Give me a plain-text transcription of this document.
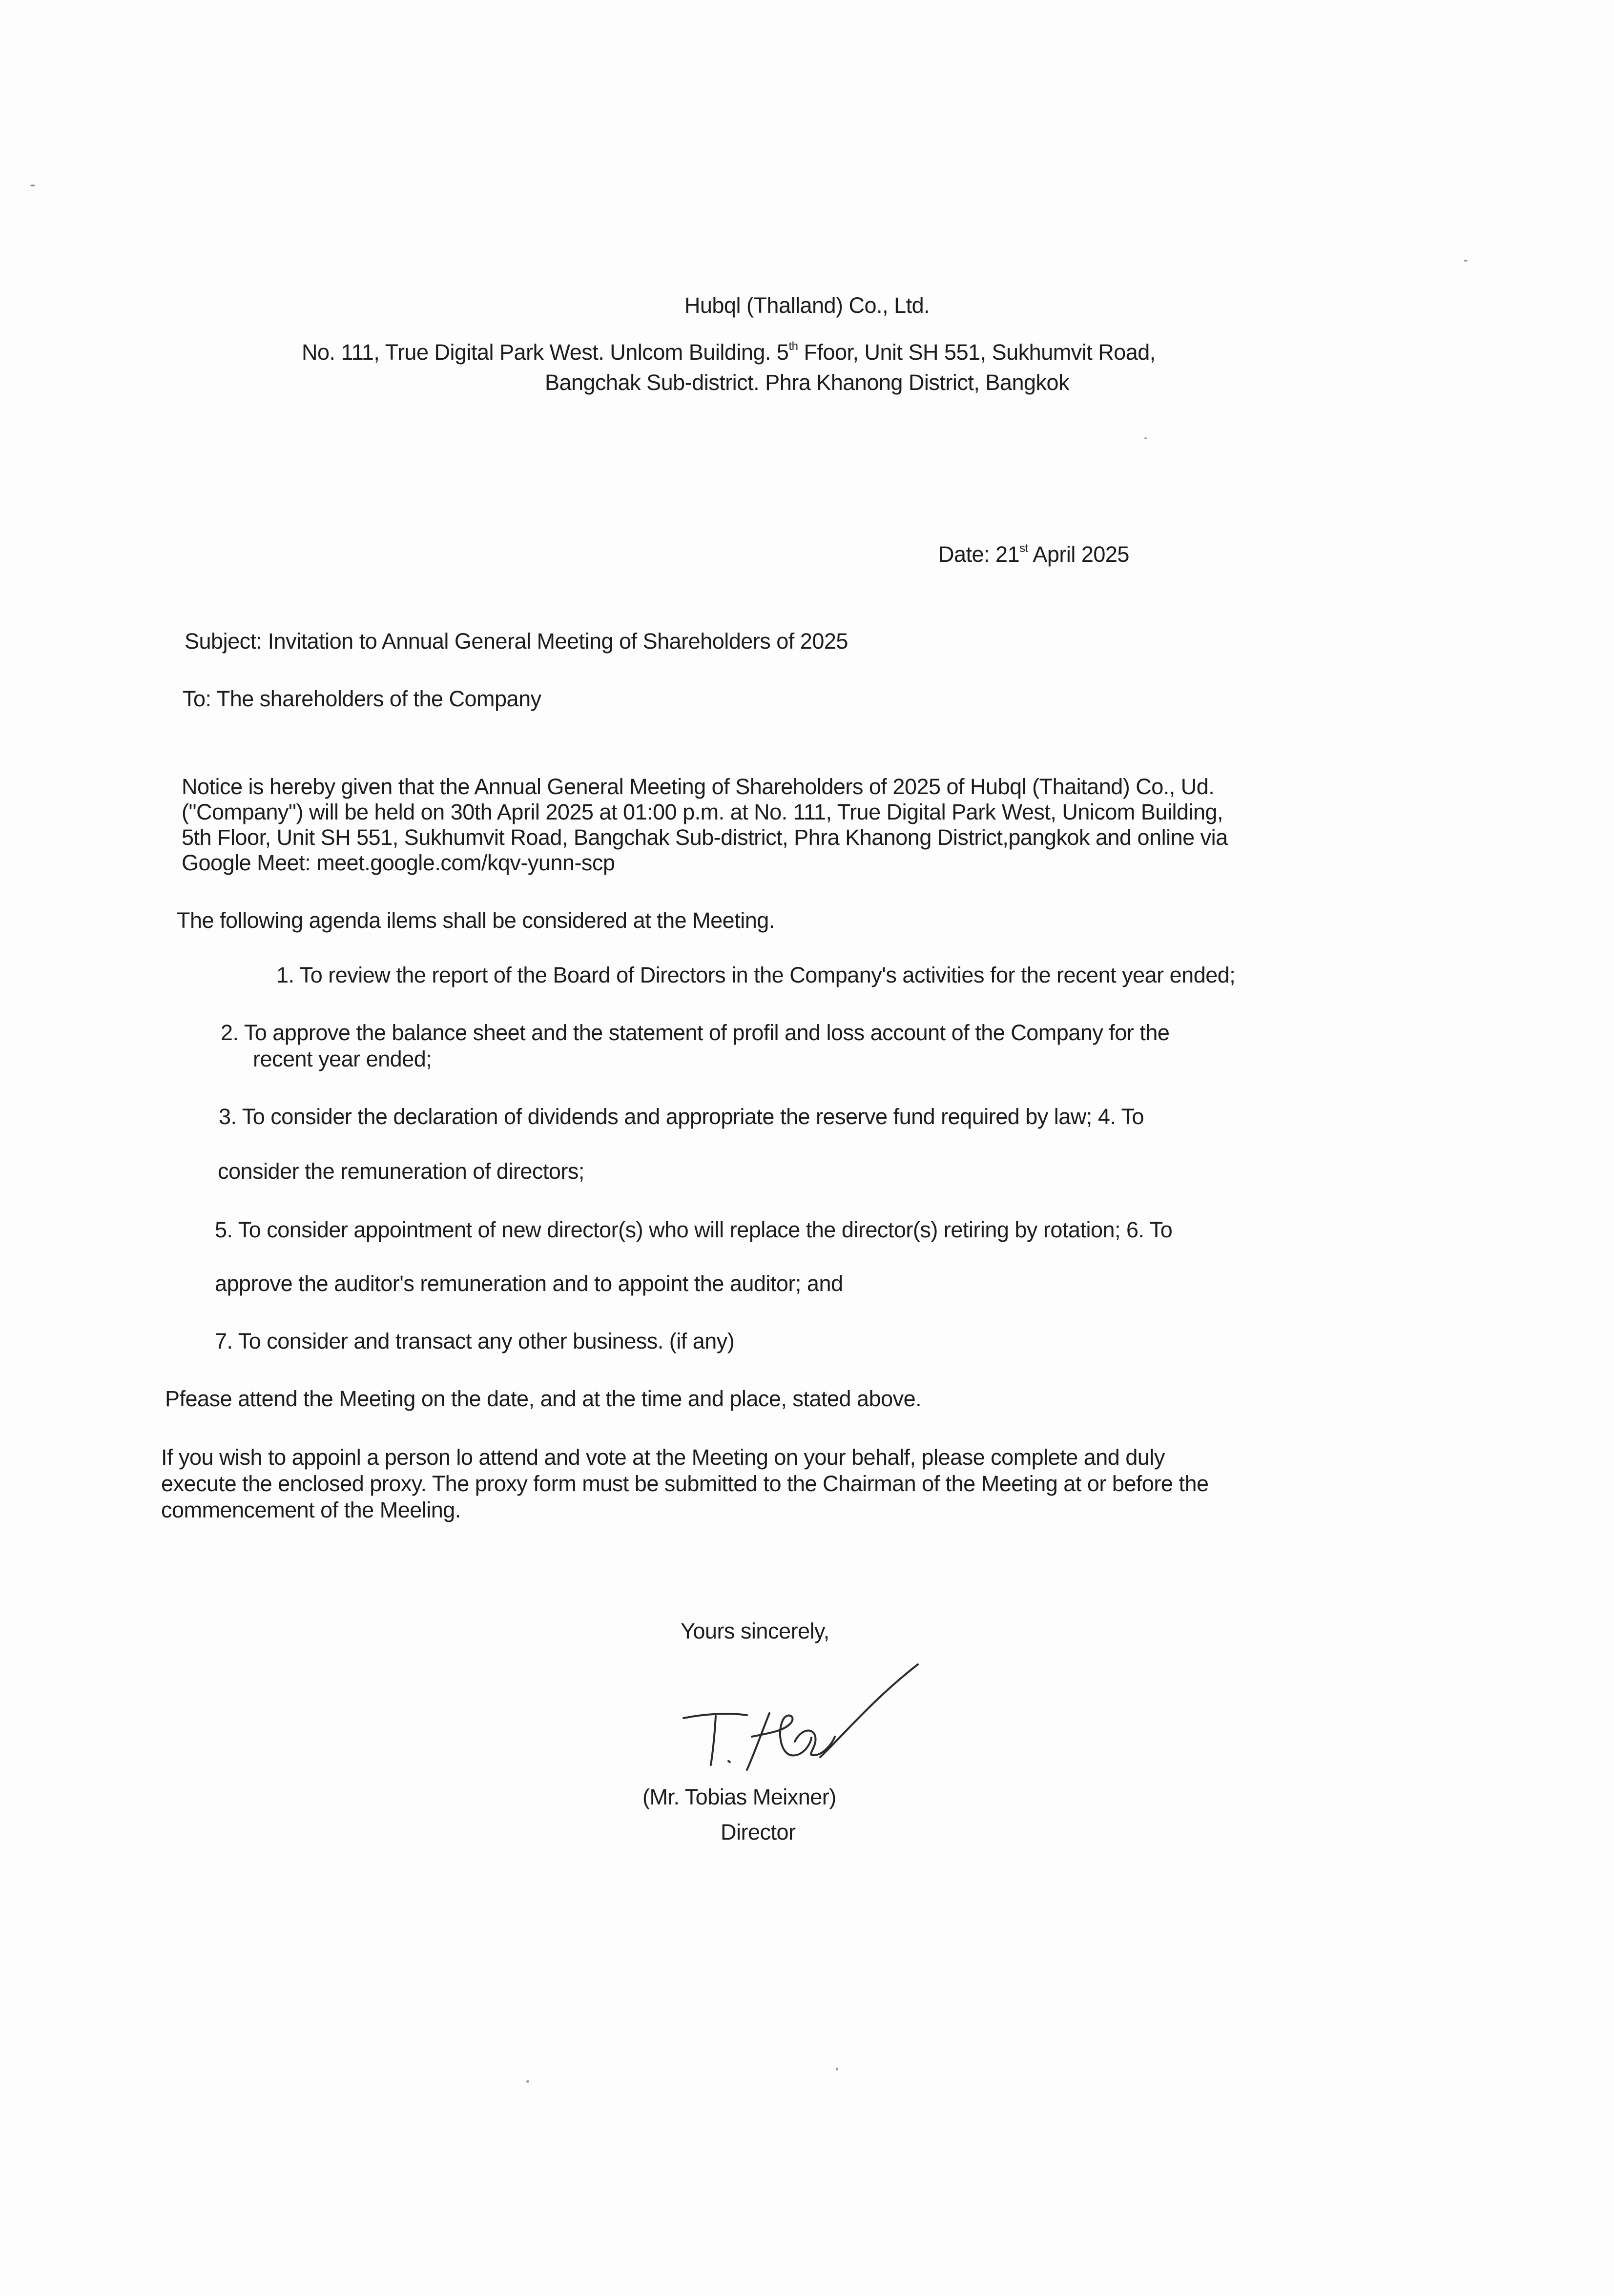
Hubql (Thalland) Co., Ltd.
No. 111, True Digital Park West. Unlcom Building. 5th Ffoor, Unit SH 551, Sukhumvit Road,
Bangchak Sub-district. Phra Khanong District, Bangkok
Date: 21st April 2025
Subject: Invitation to Annual General Meeting of Shareholders of 2025
To: The shareholders of the Company
Notice is hereby given that the Annual General Meeting of Shareholders of 2025 of Hubql (Thaitand) Co., Ud.
("Company") will be held on 30th April 2025 at 01:00 p.m. at No. 111, True Digital Park West, Unicom Building,
5th Floor, Unit SH 551, Sukhumvit Road, Bangchak Sub-district, Phra Khanong District,pangkok and online via
Google Meet: meet.google.com/kqv-yunn-scp
The following agenda ilems shall be considered at the Meeting.
1. To review the report of the Board of Directors in the Company's activities for the recent year ended;
2. To approve the balance sheet and the statement of profil and loss account of the Company for the
recent year ended;
3. To consider the declaration of dividends and appropriate the reserve fund required by law; 4. To
consider the remuneration of directors;
5. To consider appointment of new director(s) who will replace the director(s) retiring by rotation; 6. To
approve the auditor's remuneration and to appoint the auditor; and
7. To consider and transact any other business. (if any)
Pfease attend the Meeting on the date, and at the time and place, stated above.
If you wish to appoinl a person lo attend and vote at the Meeting on your behalf, please complete and duly
execute the enclosed proxy. The proxy form must be submitted to the Chairman of the Meeting at or before the
commencement of the Meeling.
Yours sincerely,
(Mr. Tobias Meixner)
Director
